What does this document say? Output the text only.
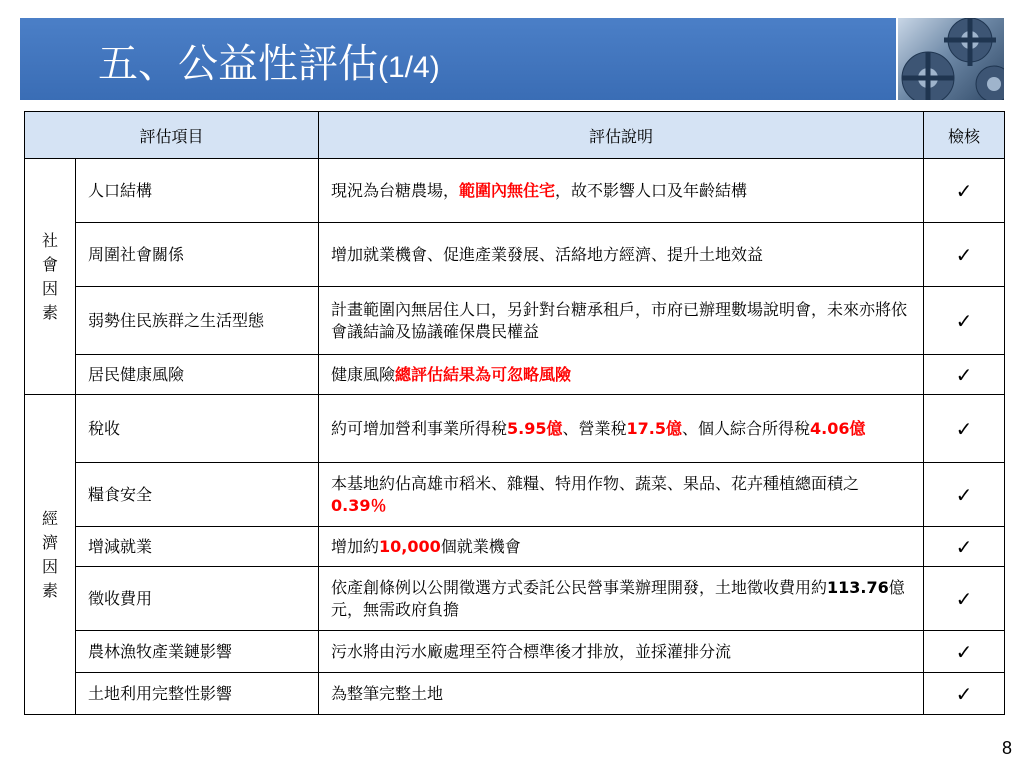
五、公益性評估(1/4)
評估項目		評估說明	檢核

社
會
因
素	人口結構	現況為台糖農場，範圍內無住宅，故不影響人口及年齡結構	✓
	周圍社會關係	增加就業機會、促進產業發展、活絡地方經濟、提升土地效益	✓
	弱勢住民族群之生活型態	計畫範圍內無居住人口，另針對台糖承租戶，市府已辦理數場說明會，未來亦將依會議結論及協議確保農民權益	✓
	居民健康風險	健康風險總評估結果為可忽略風險	✓

經
濟
因
素	稅收	約可增加營利事業所得稅5.95億、營業稅17.5億、個人綜合所得稅4.06億	✓
	糧食安全	本基地約佔高雄市稻米、雜糧、特用作物、蔬菜、果品、花卉種植總面積之0.39％	✓
	增減就業	增加約10,000個就業機會	✓
	徵收費用	依產創條例以公開徵選方式委託公民營事業辦理開發，土地徵收費用約113.76億元，無需政府負擔	✓
	農林漁牧產業鏈影響	污水將由污水廠處理至符合標準後才排放，並採灌排分流	✓
	土地利用完整性影響	為整筆完整土地	✓
8
